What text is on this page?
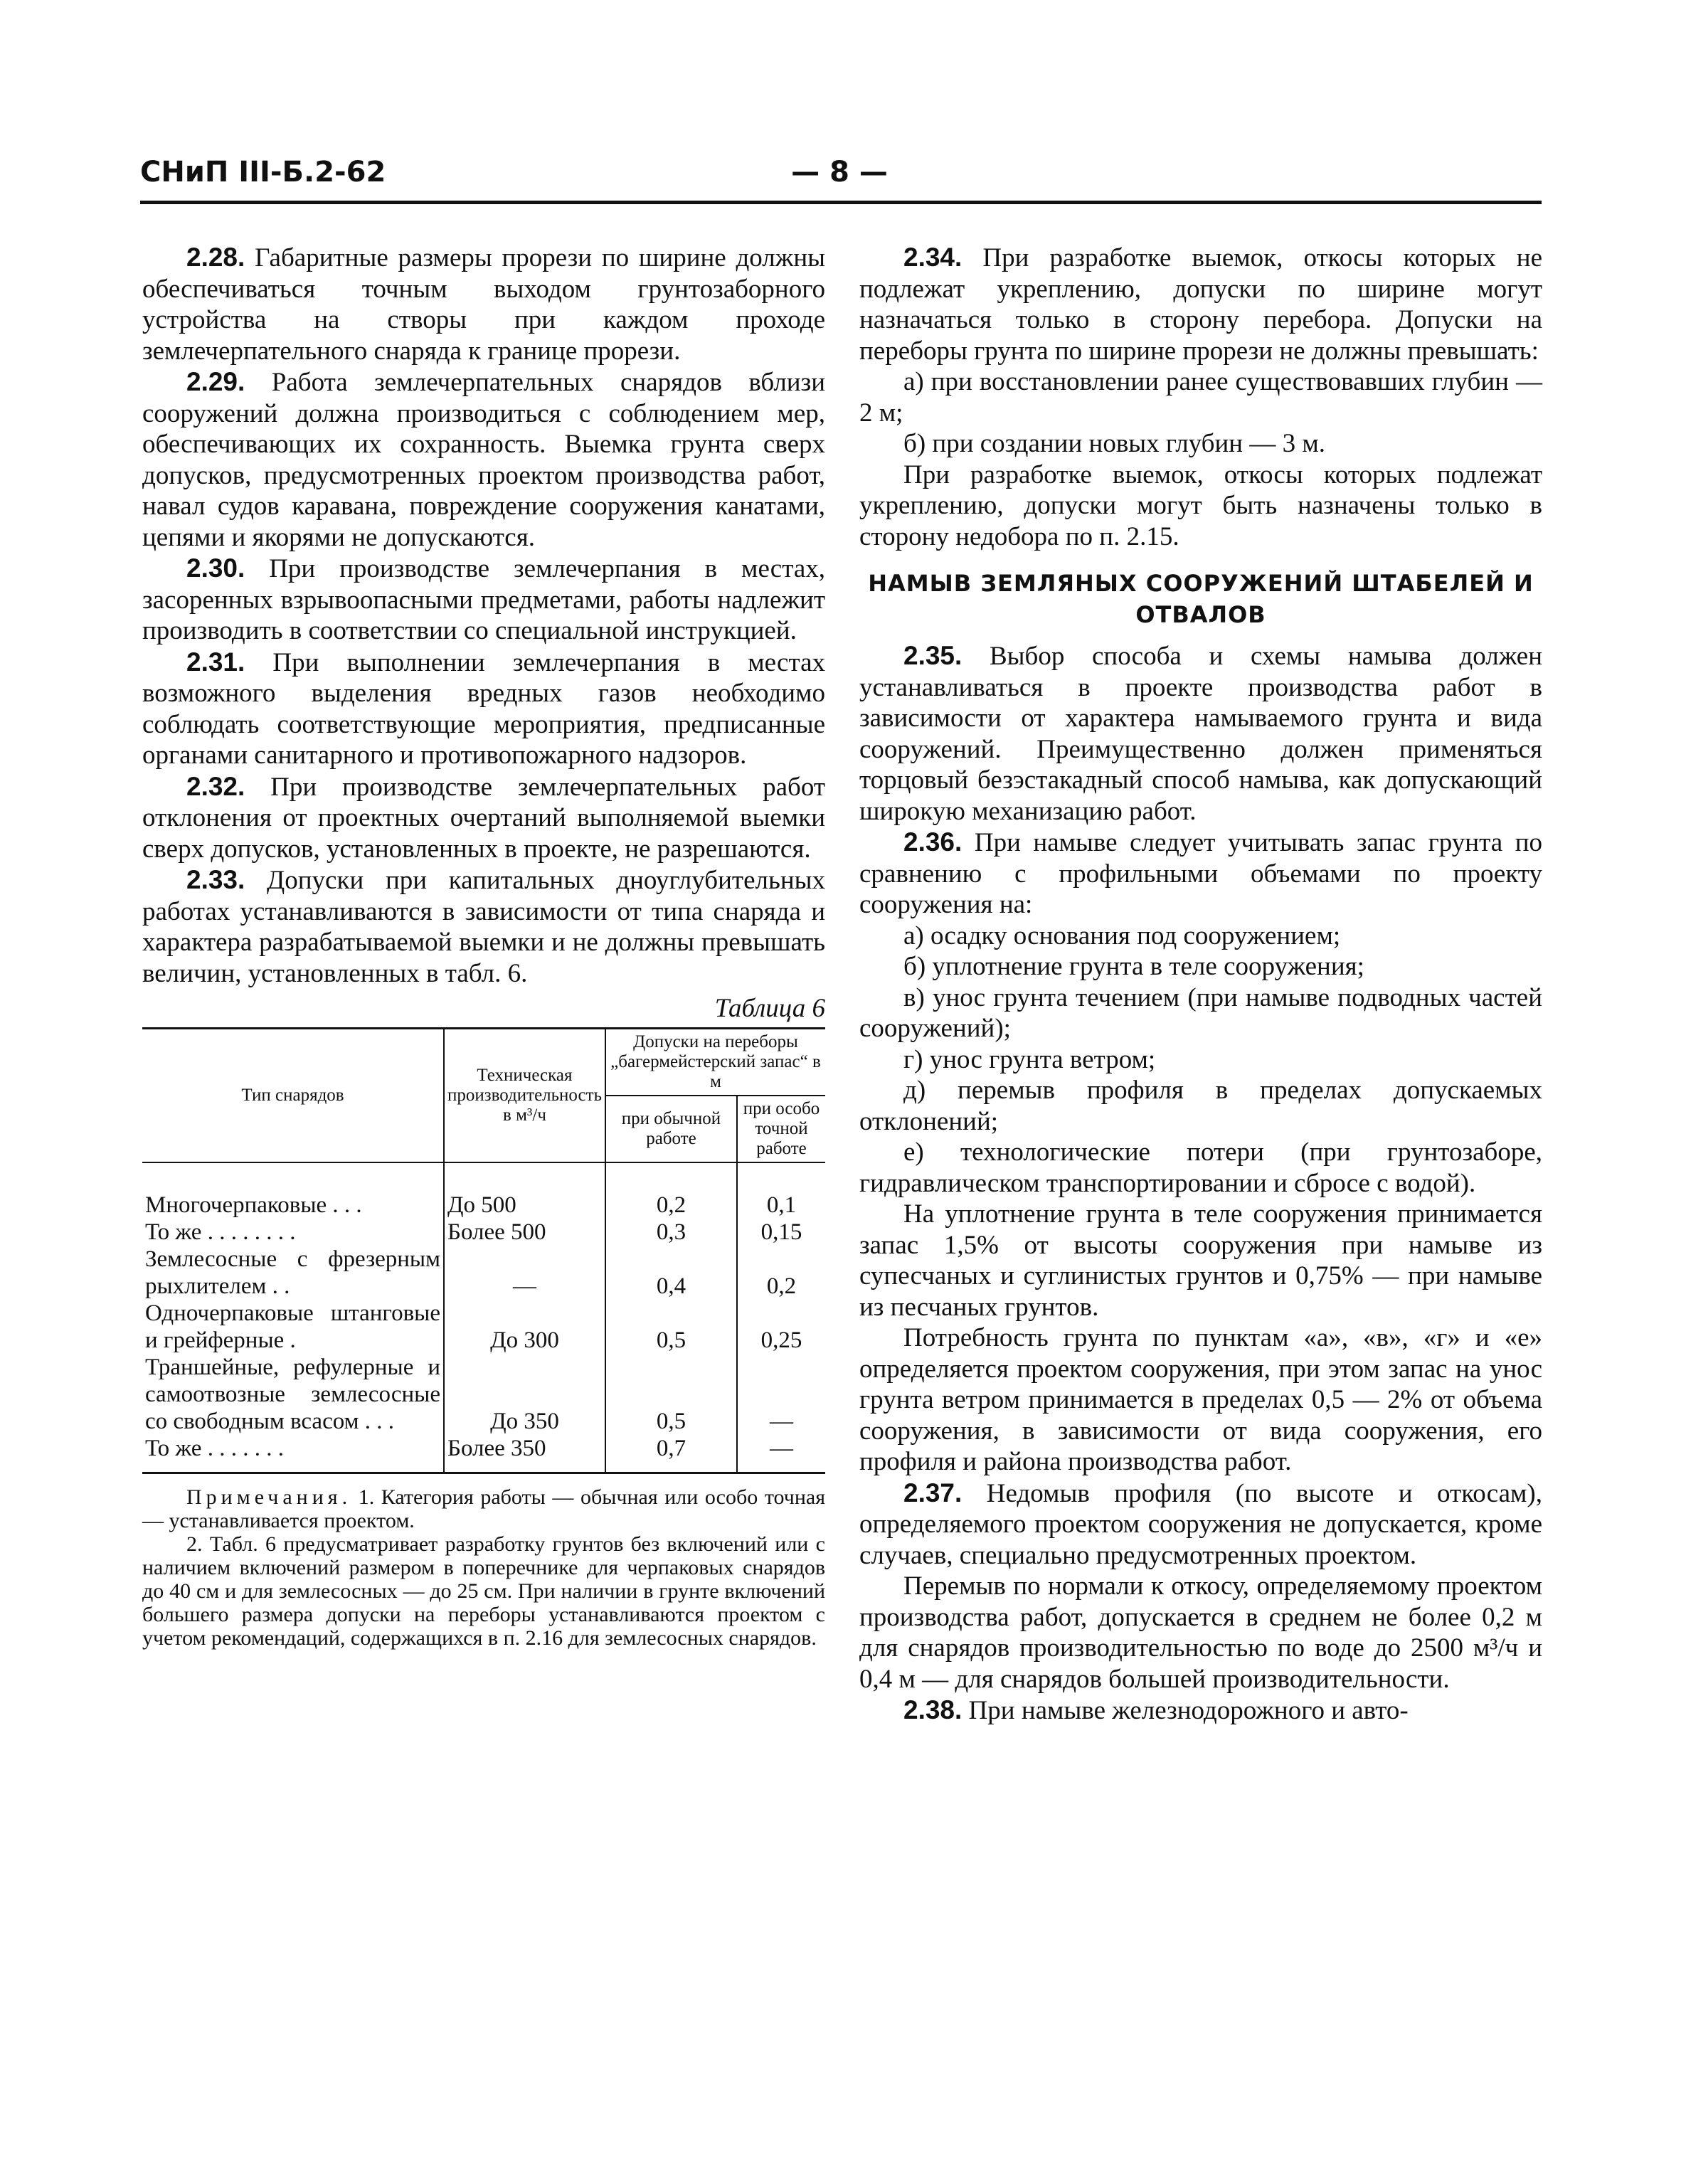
СНиП III-Б.2-62	— 8 —

2.28. Габаритные размеры прорези по ширине должны обеспечиваться точным выходом грунтозаборного устройства на створы при каждом проходе землечерпательного снаряда к границе прорези.

2.29. Работа землечерпательных снарядов вблизи сооружений должна производиться с соблюдением мер, обеспечивающих их сохранность. Выемка грунта сверх допусков, предусмотренных проектом производства работ, навал судов каравана, повреждение сооружения канатами, цепями и якорями не допускаются.

2.30. При производстве землечерпания в местах, засоренных взрывоопасными предметами, работы надлежит производить в соответствии со специальной инструкцией.

2.31. При выполнении землечерпания в местах возможного выделения вредных газов необходимо соблюдать соответствующие мероприятия, предписанные органами санитарного и противопожарного надзоров.

2.32. При производстве землечерпательных работ отклонения от проектных очертаний выполняемой выемки сверх допусков, установленных в проекте, не разрешаются.

2.33. Допуски при капитальных дноуглубительных работах устанавливаются в зависимости от типа снаряда и характера разрабатываемой выемки и не должны превышать величин, установленных в табл. 6.

Таблица 6
Тип снарядов	Техническая производительность в м³/ч	Допуски на переборы „багермейстерский запас“ в м	
		при обычной работе	при особо точной работе
Многочерпаковые . . .	До 500	0,2	0,1
То же . . . . . . . .	Более 500	0,3	0,15
Землесосные с фрезерным рыхлителем . .	—	0,4	0,2
Одночерпаковые штанговые и грейферные .	До 300	0,5	0,25
Траншейные, рефулерные и самоотвозные землесосные со свободным всасом . . .	До 350	0,5	—
То же . . . . . . .	Более 350	0,7	—

Примечания. 1. Категория работы — обычная или особо точная — устанавливается проектом.

2. Табл. 6 предусматривает разработку грунтов без включений или с наличием включений размером в поперечнике для черпаковых снарядов до 40 см и для землесосных — до 25 см. При наличии в грунте включений большего размера допуски на переборы устанавливаются проектом с учетом рекомендаций, содержащихся в п. 2.16 для землесосных снарядов.

2.34. При разработке выемок, откосы которых не подлежат укреплению, допуски по ширине могут назначаться только в сторону перебора. Допуски на переборы грунта по ширине прорези не должны превышать:

а) при восстановлении ранее существовавших глубин — 2 м;

б) при создании новых глубин — 3 м.

При разработке выемок, откосы которых подлежат укреплению, допуски могут быть назначены только в сторону недобора по п. 2.15.

НАМЫВ ЗЕМЛЯНЫХ СООРУЖЕНИЙ ШТАБЕЛЕЙ И ОТВАЛОВ

2.35. Выбор способа и схемы намыва должен устанавливаться в проекте производства работ в зависимости от характера намываемого грунта и вида сооружений. Преимущественно должен применяться торцовый безэстакадный способ намыва, как допускающий широкую механизацию работ.

2.36. При намыве следует учитывать запас грунта по сравнению с профильными объемами по проекту сооружения на:

а) осадку основания под сооружением;

б) уплотнение грунта в теле сооружения;

в) унос грунта течением (при намыве подводных частей сооружений);

г) унос грунта ветром;

д) перемыв профиля в пределах допускаемых отклонений;

е) технологические потери (при грунтозаборе, гидравлическом транспортировании и сбросе с водой).

На уплотнение грунта в теле сооружения принимается запас 1,5% от высоты сооружения при намыве из супесчаных и суглинистых грунтов и 0,75% — при намыве из песчаных грунтов.

Потребность грунта по пунктам «а», «в», «г» и «е» определяется проектом сооружения, при этом запас на унос грунта ветром принимается в пределах 0,5 — 2% от объема сооружения, в зависимости от вида сооружения, его профиля и района производства работ.

2.37. Недомыв профиля (по высоте и откосам), определяемого проектом сооружения не допускается, кроме случаев, специально предусмотренных проектом.

Перемыв по нормали к откосу, определяемому проектом производства работ, допускается в среднем не более 0,2 м для снарядов производительностью по воде до 2500 м³/ч и 0,4 м — для снарядов большей производительности.

2.38. При намыве железнодорожного и авто-
